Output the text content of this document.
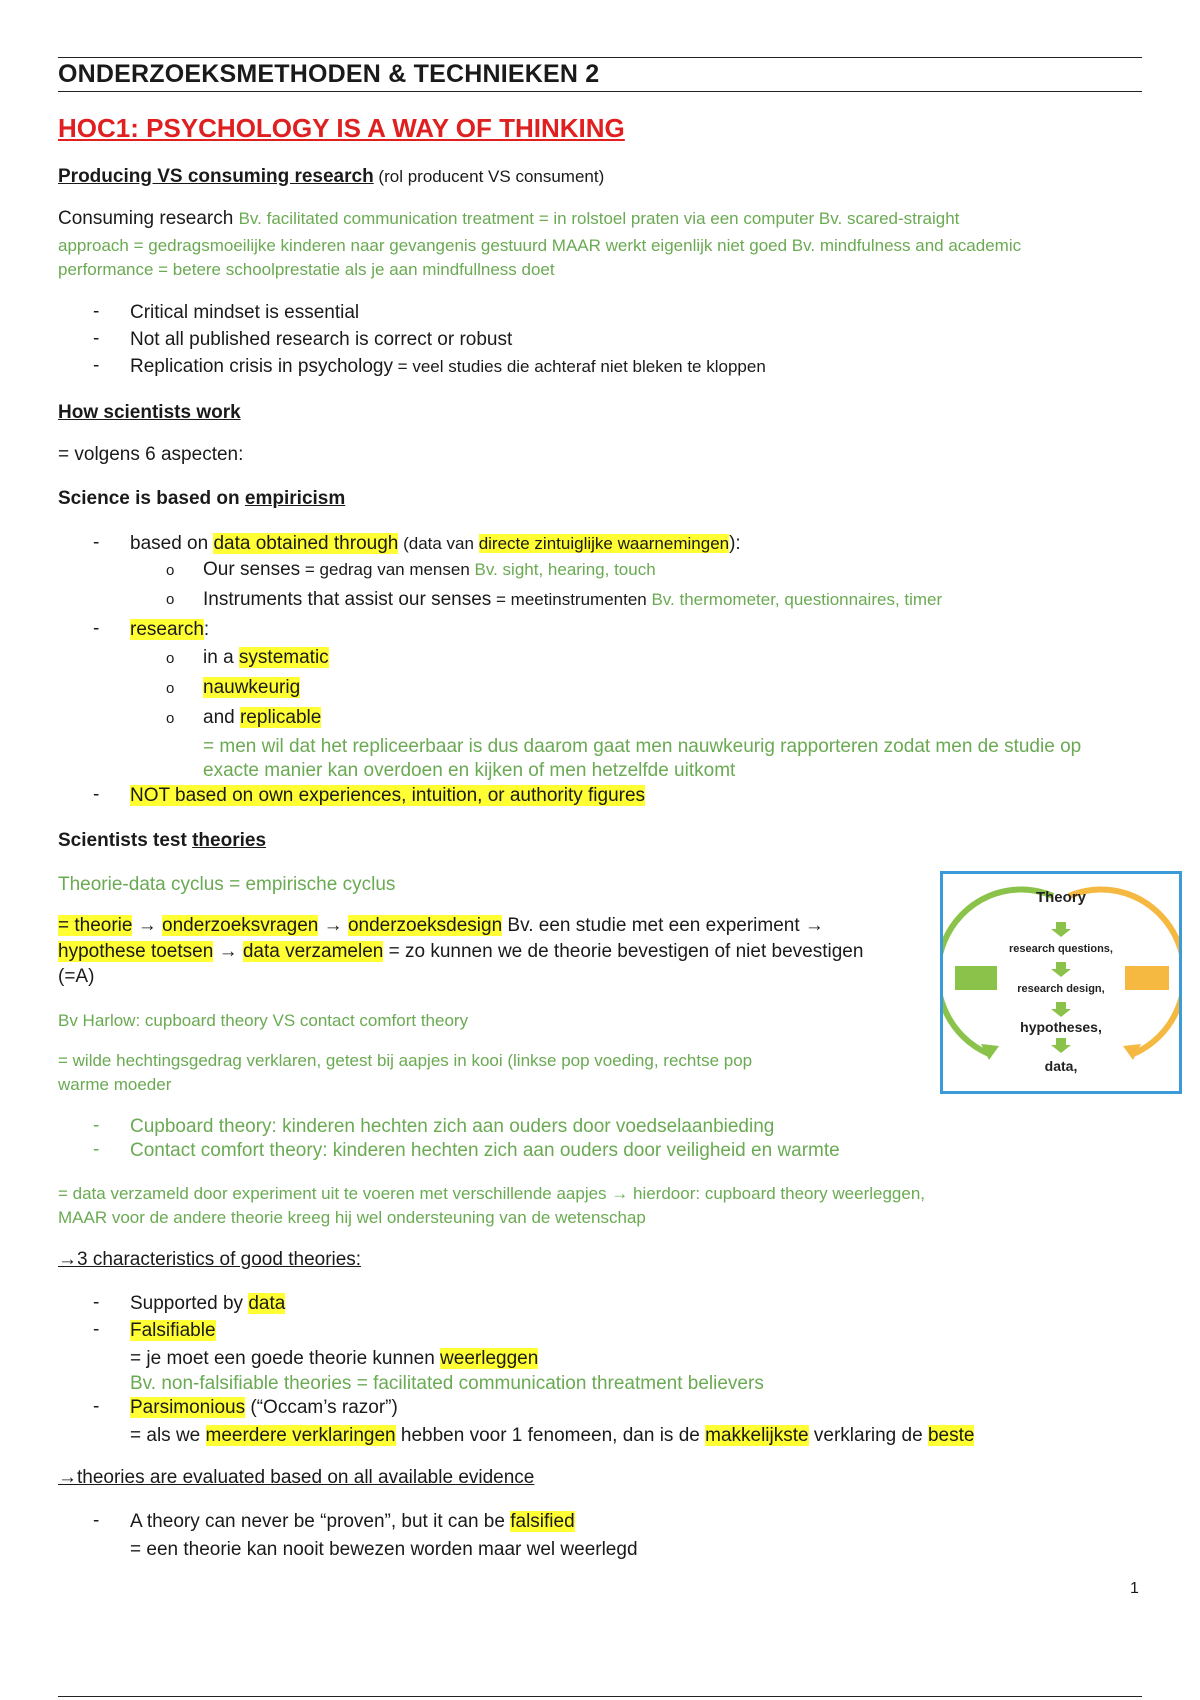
ONDERZOEKSMETHODEN & TECHNIEKEN 2
HOC1: PSYCHOLOGY IS A WAY OF THINKING
Producing VS consuming research (rol producent VS consument)
Consuming research Bv. facilitated communication treatment = in rolstoel praten via een computer Bv. scared-straight
approach = gedragsmoeilijke kinderen naar gevangenis gestuurd MAAR werkt eigenlijk niet goed Bv. mindfulness and academic
performance = betere schoolprestatie als je aan mindfullness doet
- Critical mindset is essential
- Not all published research is correct or robust
- Replication crisis in psychology = veel studies die achteraf niet bleken te kloppen
How scientists work
= volgens 6 aspecten:
Science is based on empiricism
- based on data obtained through (data van directe zintuiglijke waarnemingen):
o Our senses = gedrag van mensen Bv. sight, hearing, touch
o Instruments that assist our senses = meetinstrumenten Bv. thermometer, questionnaires, timer
- research:
o in a systematic
o nauwkeurig
o and replicable
= men wil dat het repliceerbaar is dus daarom gaat men nauwkeurig rapporteren zodat men de studie op
exacte manier kan overdoen en kijken of men hetzelfde uitkomt
- NOT based on own experiences, intuition, or authority figures
Scientists test theories
Theorie-data cyclus = empirische cyclus
= theorie → onderzoeksvragen → onderzoeksdesign Bv. een studie met een experiment →
hypothese toetsen → data verzamelen = zo kunnen we de theorie bevestigen of niet bevestigen
(=A)
Bv Harlow: cupboard theory VS contact comfort theory
= wilde hechtingsgedrag verklaren, getest bij aapjes in kooi (linkse pop voeding, rechtse pop
warme moeder
- Cupboard theory: kinderen hechten zich aan ouders door voedselaanbieding
- Contact comfort theory: kinderen hechten zich aan ouders door veiligheid en warmte
= data verzameld door experiment uit te voeren met verschillende aapjes → hierdoor: cupboard theory weerleggen,
MAAR voor de andere theorie kreeg hij wel ondersteuning van de wetenschap
Theory
research questions,
research design,
hypotheses,
data,
→3 characteristics of good theories:
- Supported by data
- Falsifiable
= je moet een goede theorie kunnen weerleggen
Bv. non-falsifiable theories = facilitated communication threatment believers
- Parsimonious (“Occam’s razor”)
= als we meerdere verklaringen hebben voor 1 fenomeen, dan is de makkelijkste verklaring de beste
→theories are evaluated based on all available evidence
- A theory can never be “proven”, but it can be falsified
= een theorie kan nooit bewezen worden maar wel weerlegd
1
